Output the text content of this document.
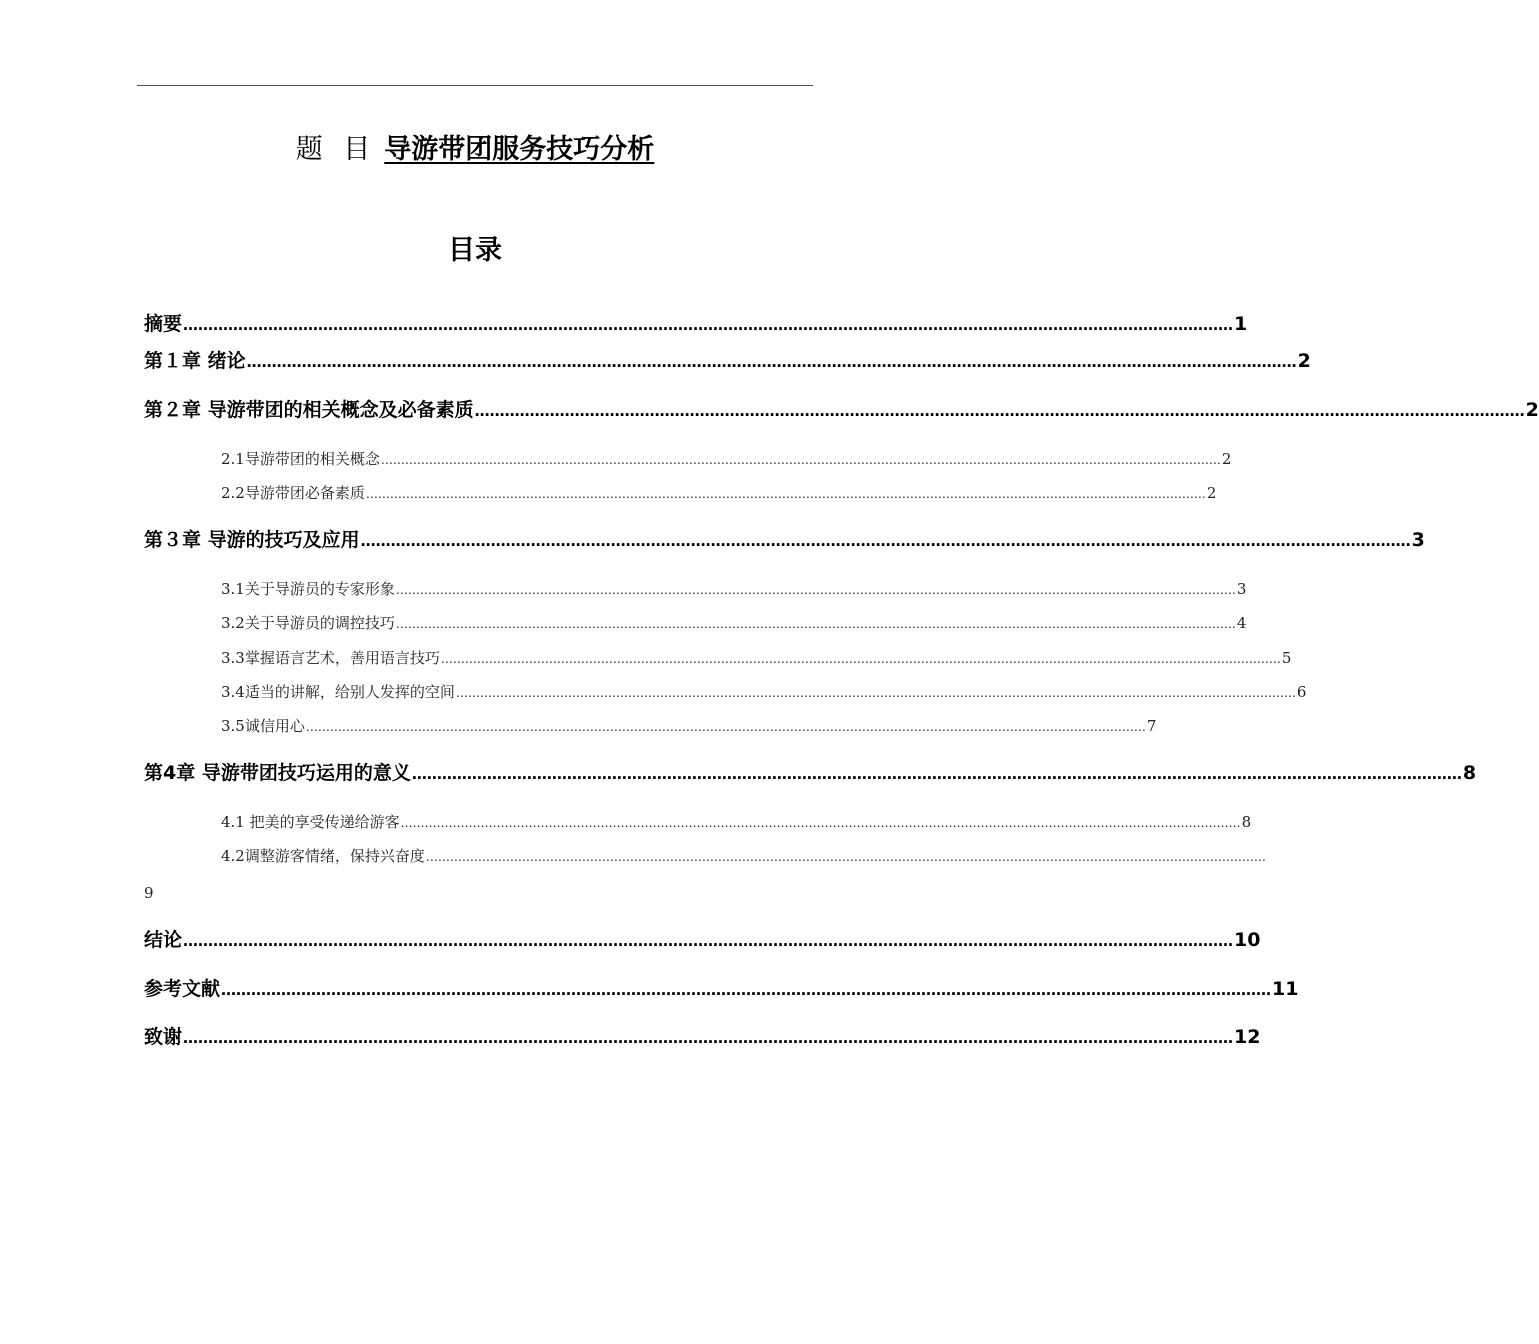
题 目 导游带团服务技巧分析
目录
摘要 ………………………………………………………………………………………………………………………………………………………………………………………… 1
第１章 绪论 ………………………………………………………………………………………………………………………………………………………………………………………… 2
第２章 导游带团的相关概念及必备素质 ………………………………………………………………………………………………………………………………………………………………………………………… 2
2.1导游带团的相关概念 ………………………………………………………………………………………………………………………………………………………………………………………… 2
2.2导游带团必备素质 ………………………………………………………………………………………………………………………………………………………………………………………… 2
第３章 导游的技巧及应用 ………………………………………………………………………………………………………………………………………………………………………………………… 3
3.1关于导游员的专家形象 ………………………………………………………………………………………………………………………………………………………………………………………… 3
3.2关于导游员的调控技巧 ………………………………………………………………………………………………………………………………………………………………………………………… 4
3.3掌握语言艺术，善用语言技巧 ………………………………………………………………………………………………………………………………………………………………………………………… 5
3.4适当的讲解，给别人发挥的空间 ………………………………………………………………………………………………………………………………………………………………………………………… 6
3.5诚信用心 ………………………………………………………………………………………………………………………………………………………………………………………… 7
第4章 导游带团技巧运用的意义 ………………………………………………………………………………………………………………………………………………………………………………………… 8
4.1 把美的享受传递给游客 ………………………………………………………………………………………………………………………………………………………………………………………… 8
4.2调整游客情绪，保持兴奋度 …………………………………………………………………………………………………………………………………………………………………………………………
9
结论 ………………………………………………………………………………………………………………………………………………………………………………………… 10
参考文献 ………………………………………………………………………………………………………………………………………………………………………………………… 11
致谢 ………………………………………………………………………………………………………………………………………………………………………………………… 12
